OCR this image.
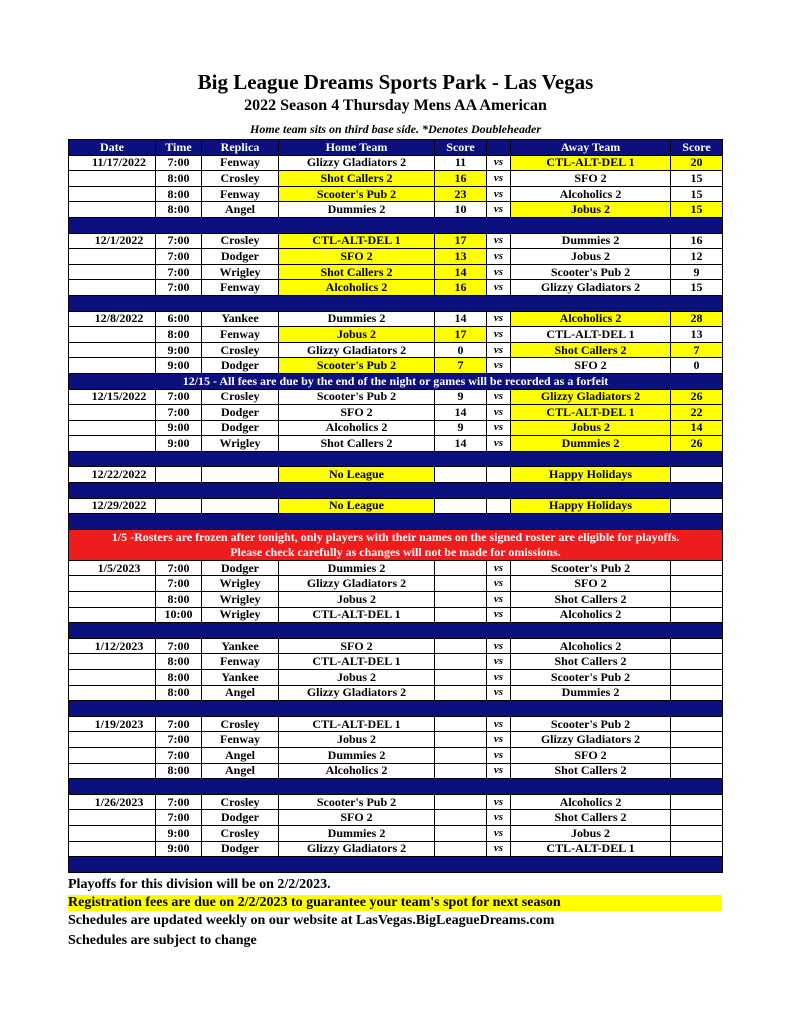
Big League Dreams Sports Park - Las Vegas
2022 Season 4 Thursday Mens AA American
Home team sits on third base side. *Denotes Doubleheader
Date	Time	Replica	Home Team	Score		Away Team	Score
11/17/2022	7:00	Fenway	Glizzy Gladiators 2	11	vs	CTL-ALT-DEL 1	20
	8:00	Crosley	Shot Callers 2	16	vs	SFO 2	15
	8:00	Fenway	Scooter's Pub 2	23	vs	Alcoholics 2	15
	8:00	Angel	Dummies 2	10	vs	Jobus 2	15

12/1/2022	7:00	Crosley	CTL-ALT-DEL 1	17	vs	Dummies 2	16
	7:00	Dodger	SFO 2	13	vs	Jobus 2	12
	7:00	Wrigley	Shot Callers 2	14	vs	Scooter's Pub 2	9
	7:00	Fenway	Alcoholics 2	16	vs	Glizzy Gladiators 2	15

12/8/2022	6:00	Yankee	Dummies 2	14	vs	Alcoholics 2	28
	8:00	Fenway	Jobus 2	17	vs	CTL-ALT-DEL 1	13
	9:00	Crosley	Glizzy Gladiators 2	0	vs	Shot Callers 2	7
	9:00	Dodger	Scooter's Pub 2	7	vs	SFO 2	0
12/15 - All fees are due by the end of the night or games will be recorded as a forfeit							
12/15/2022	7:00	Crosley	Scooter's Pub 2	9	vs	Glizzy Gladiators 2	26
	7:00	Dodger	SFO 2	14	vs	CTL-ALT-DEL 1	22
	9:00	Dodger	Alcoholics 2	9	vs	Jobus 2	14
	9:00	Wrigley	Shot Callers 2	14	vs	Dummies 2	26

12/22/2022			No League			Happy Holidays	

12/29/2022			No League			Happy Holidays	

1/5 -Rosters are frozen after tonight, only players with their names on the signed roster are eligible for playoffs.
Please check carefully as changes will not be made for omissions.							

1/5/2023	7:00	Dodger	Dummies 2		vs	Scooter's Pub 2	
	7:00	Wrigley	Glizzy Gladiators 2		vs	SFO 2	
	8:00	Wrigley	Jobus 2		vs	Shot Callers 2	
	10:00	Wrigley	CTL-ALT-DEL 1		vs	Alcoholics 2	

1/12/2023	7:00	Yankee	SFO 2		vs	Alcoholics 2	
	8:00	Fenway	CTL-ALT-DEL 1		vs	Shot Callers 2	
	8:00	Yankee	Jobus 2		vs	Scooter's Pub 2	
	8:00	Angel	Glizzy Gladiators 2		vs	Dummies 2	

1/19/2023	7:00	Crosley	CTL-ALT-DEL 1		vs	Scooter's Pub 2	
	7:00	Fenway	Jobus 2		vs	Glizzy Gladiators 2	
	7:00	Angel	Dummies 2		vs	SFO 2	
	8:00	Angel	Alcoholics 2		vs	Shot Callers 2	

1/26/2023	7:00	Crosley	Scooter's Pub 2		vs	Alcoholics 2	
	7:00	Dodger	SFO 2		vs	Shot Callers 2	
	9:00	Crosley	Dummies 2		vs	Jobus 2	
	9:00	Dodger	Glizzy Gladiators 2		vs	CTL-ALT-DEL 1	

Playoffs for this division will be on 2/2/2023.
Registration fees are due on 2/2/2023 to guarantee your team's spot for next season
Schedules are updated weekly on our website at LasVegas.BigLeagueDreams.com
Schedules are subject to change
